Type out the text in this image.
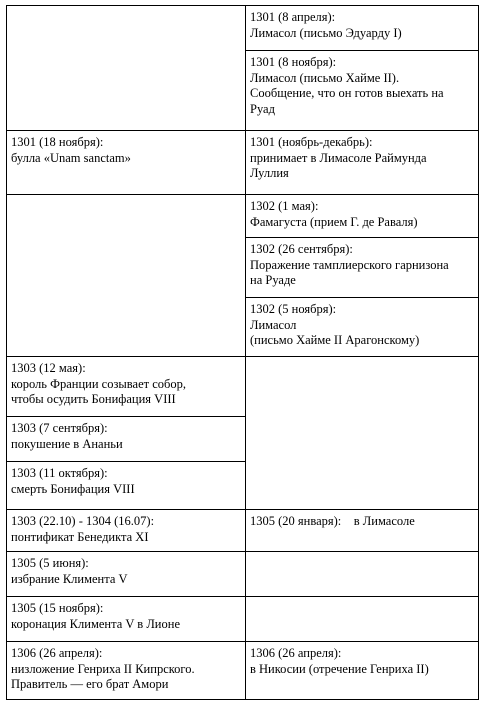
1301 (18 ноября):
булла «Unam sanctam»
1303 (12 мая):
король Франции созывает собор,
чтобы осудить Бонифация VIII
1303 (7 сентября):
покушение в Ананьи
1303 (11 октября):
смерть Бонифация VIII
1303 (22.10) - 1304 (16.07):
понтификат Бенедикта XI
1305 (5 июня):
избрание Климента V
1305 (15 ноября):
коронация Климента V в Лионе
1306 (26 апреля):
низложение Генриха II Кипрского.
Правитель — его брат Амори
1301 (8 апреля):
Лимасол (письмо Эдуарду I)
1301 (8 ноября):
Лимасол (письмо Хайме II).
Сообщение, что он готов выехать на
Руад
1301 (ноябрь-декабрь):
принимает в Лимасоле Раймунда
Луллия
1302 (1 мая):
Фамагуста (прием Г. де Раваля)
1302 (26 сентября):
Поражение тамплиерского гарнизона
на Руаде
1302 (5 ноября):
Лимасол
(письмо Хайме II Арагонскому)
1305 (20 января):    в Лимасоле
1306 (26 апреля):
в Никосии (отречение Генриха II)
